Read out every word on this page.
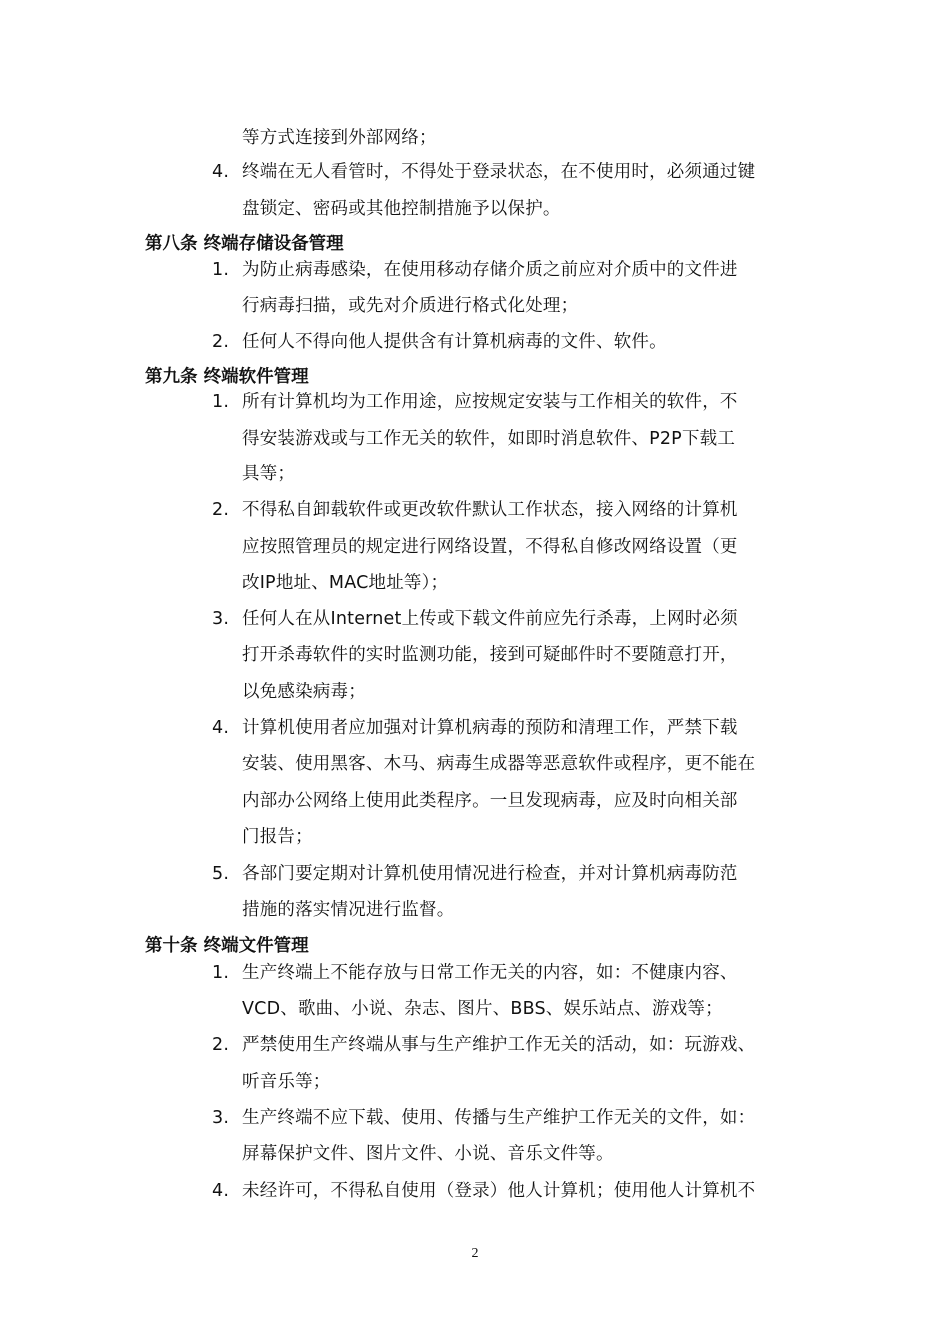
等方式连接到外部网络；
4. 终端在无人看管时，不得处于登录状态，在不使用时，必须通过键
盘锁定、密码或其他控制措施予以保护。
第八条 终端存储设备管理
1. 为防止病毒感染，在使用移动存储介质之前应对介质中的文件进
行病毒扫描，或先对介质进行格式化处理；
2. 任何人不得向他人提供含有计算机病毒的文件、软件。
第九条 终端软件管理
1. 所有计算机均为工作用途，应按规定安装与工作相关的软件，不
得安装游戏或与工作无关的软件，如即时消息软件、P2P下载工
具等；
2. 不得私自卸载软件或更改软件默认工作状态，接入网络的计算机
应按照管理员的规定进行网络设置，不得私自修改网络设置（更
改IP地址、MAC地址等）；
3. 任何人在从Internet上传或下载文件前应先行杀毒，上网时必须
打开杀毒软件的实时监测功能，接到可疑邮件时不要随意打开，
以免感染病毒；
4. 计算机使用者应加强对计算机病毒的预防和清理工作，严禁下载
安装、使用黑客、木马、病毒生成器等恶意软件或程序，更不能在
内部办公网络上使用此类程序。一旦发现病毒，应及时向相关部
门报告；
5. 各部门要定期对计算机使用情况进行检查，并对计算机病毒防范
措施的落实情况进行监督。
第十条 终端文件管理
1. 生产终端上不能存放与日常工作无关的内容，如：不健康内容、
VCD、歌曲、小说、杂志、图片、BBS、娱乐站点、游戏等；
2. 严禁使用生产终端从事与生产维护工作无关的活动，如：玩游戏、
听音乐等；
3. 生产终端不应下载、使用、传播与生产维护工作无关的文件，如：
屏幕保护文件、图片文件、小说、音乐文件等。
4. 未经许可，不得私自使用（登录）他人计算机；使用他人计算机不
2
